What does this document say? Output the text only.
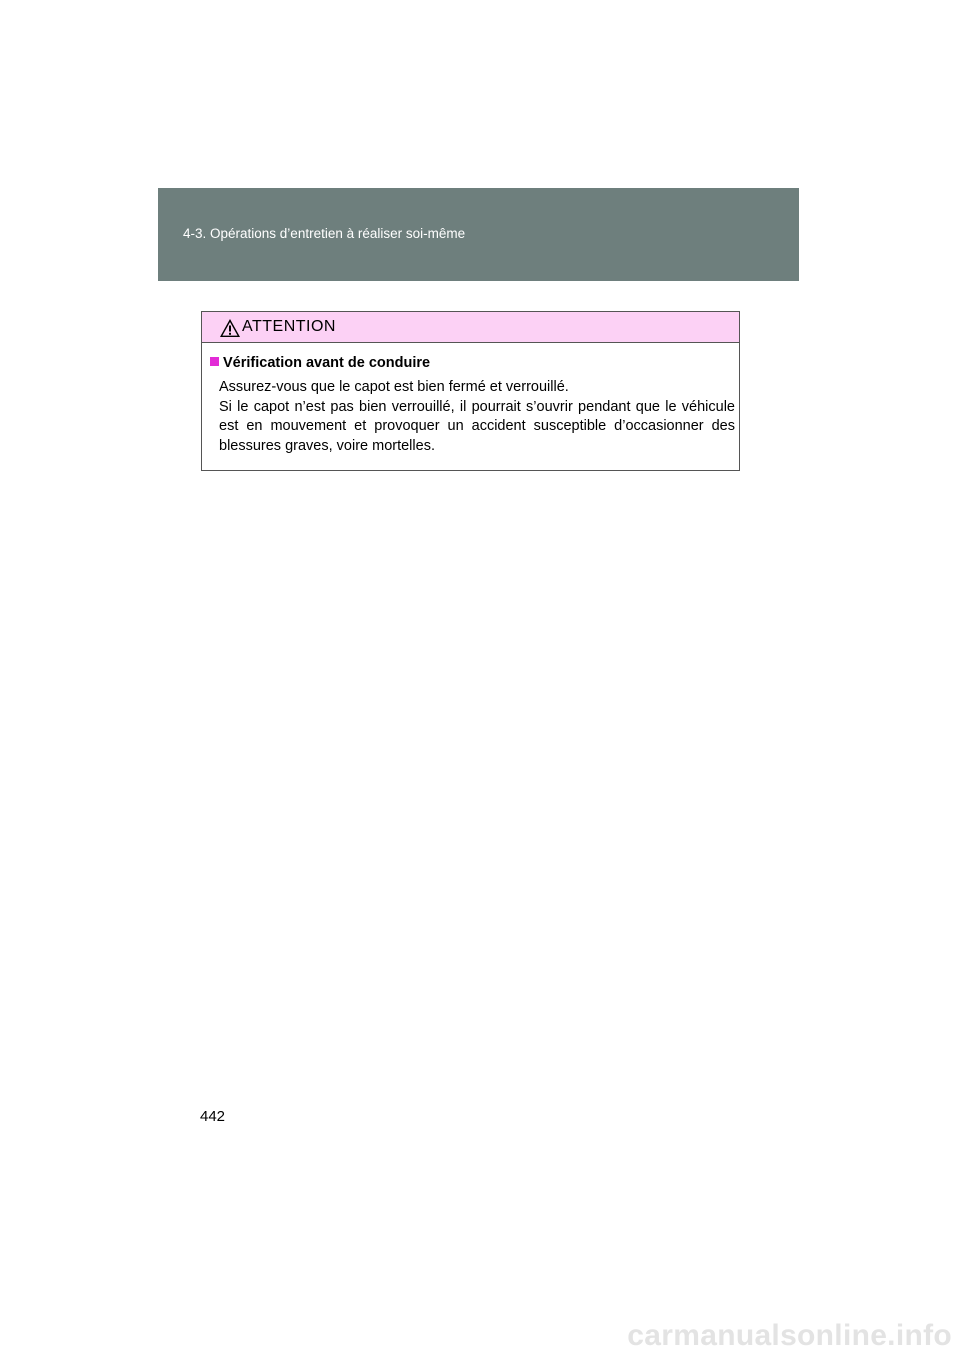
4-3. Opérations d’entretien à réaliser soi-même
ATTENTION
Vérification avant de conduire

Assurez-vous que le capot est bien fermé et verrouillé.

Si le capot n’est pas bien verrouillé, il pourrait s’ouvrir pendant que le véhicule est en mouvement et provoquer un accident susceptible d’occasionner des blessures graves, voire mortelles.

442
carmanualsonline.info
